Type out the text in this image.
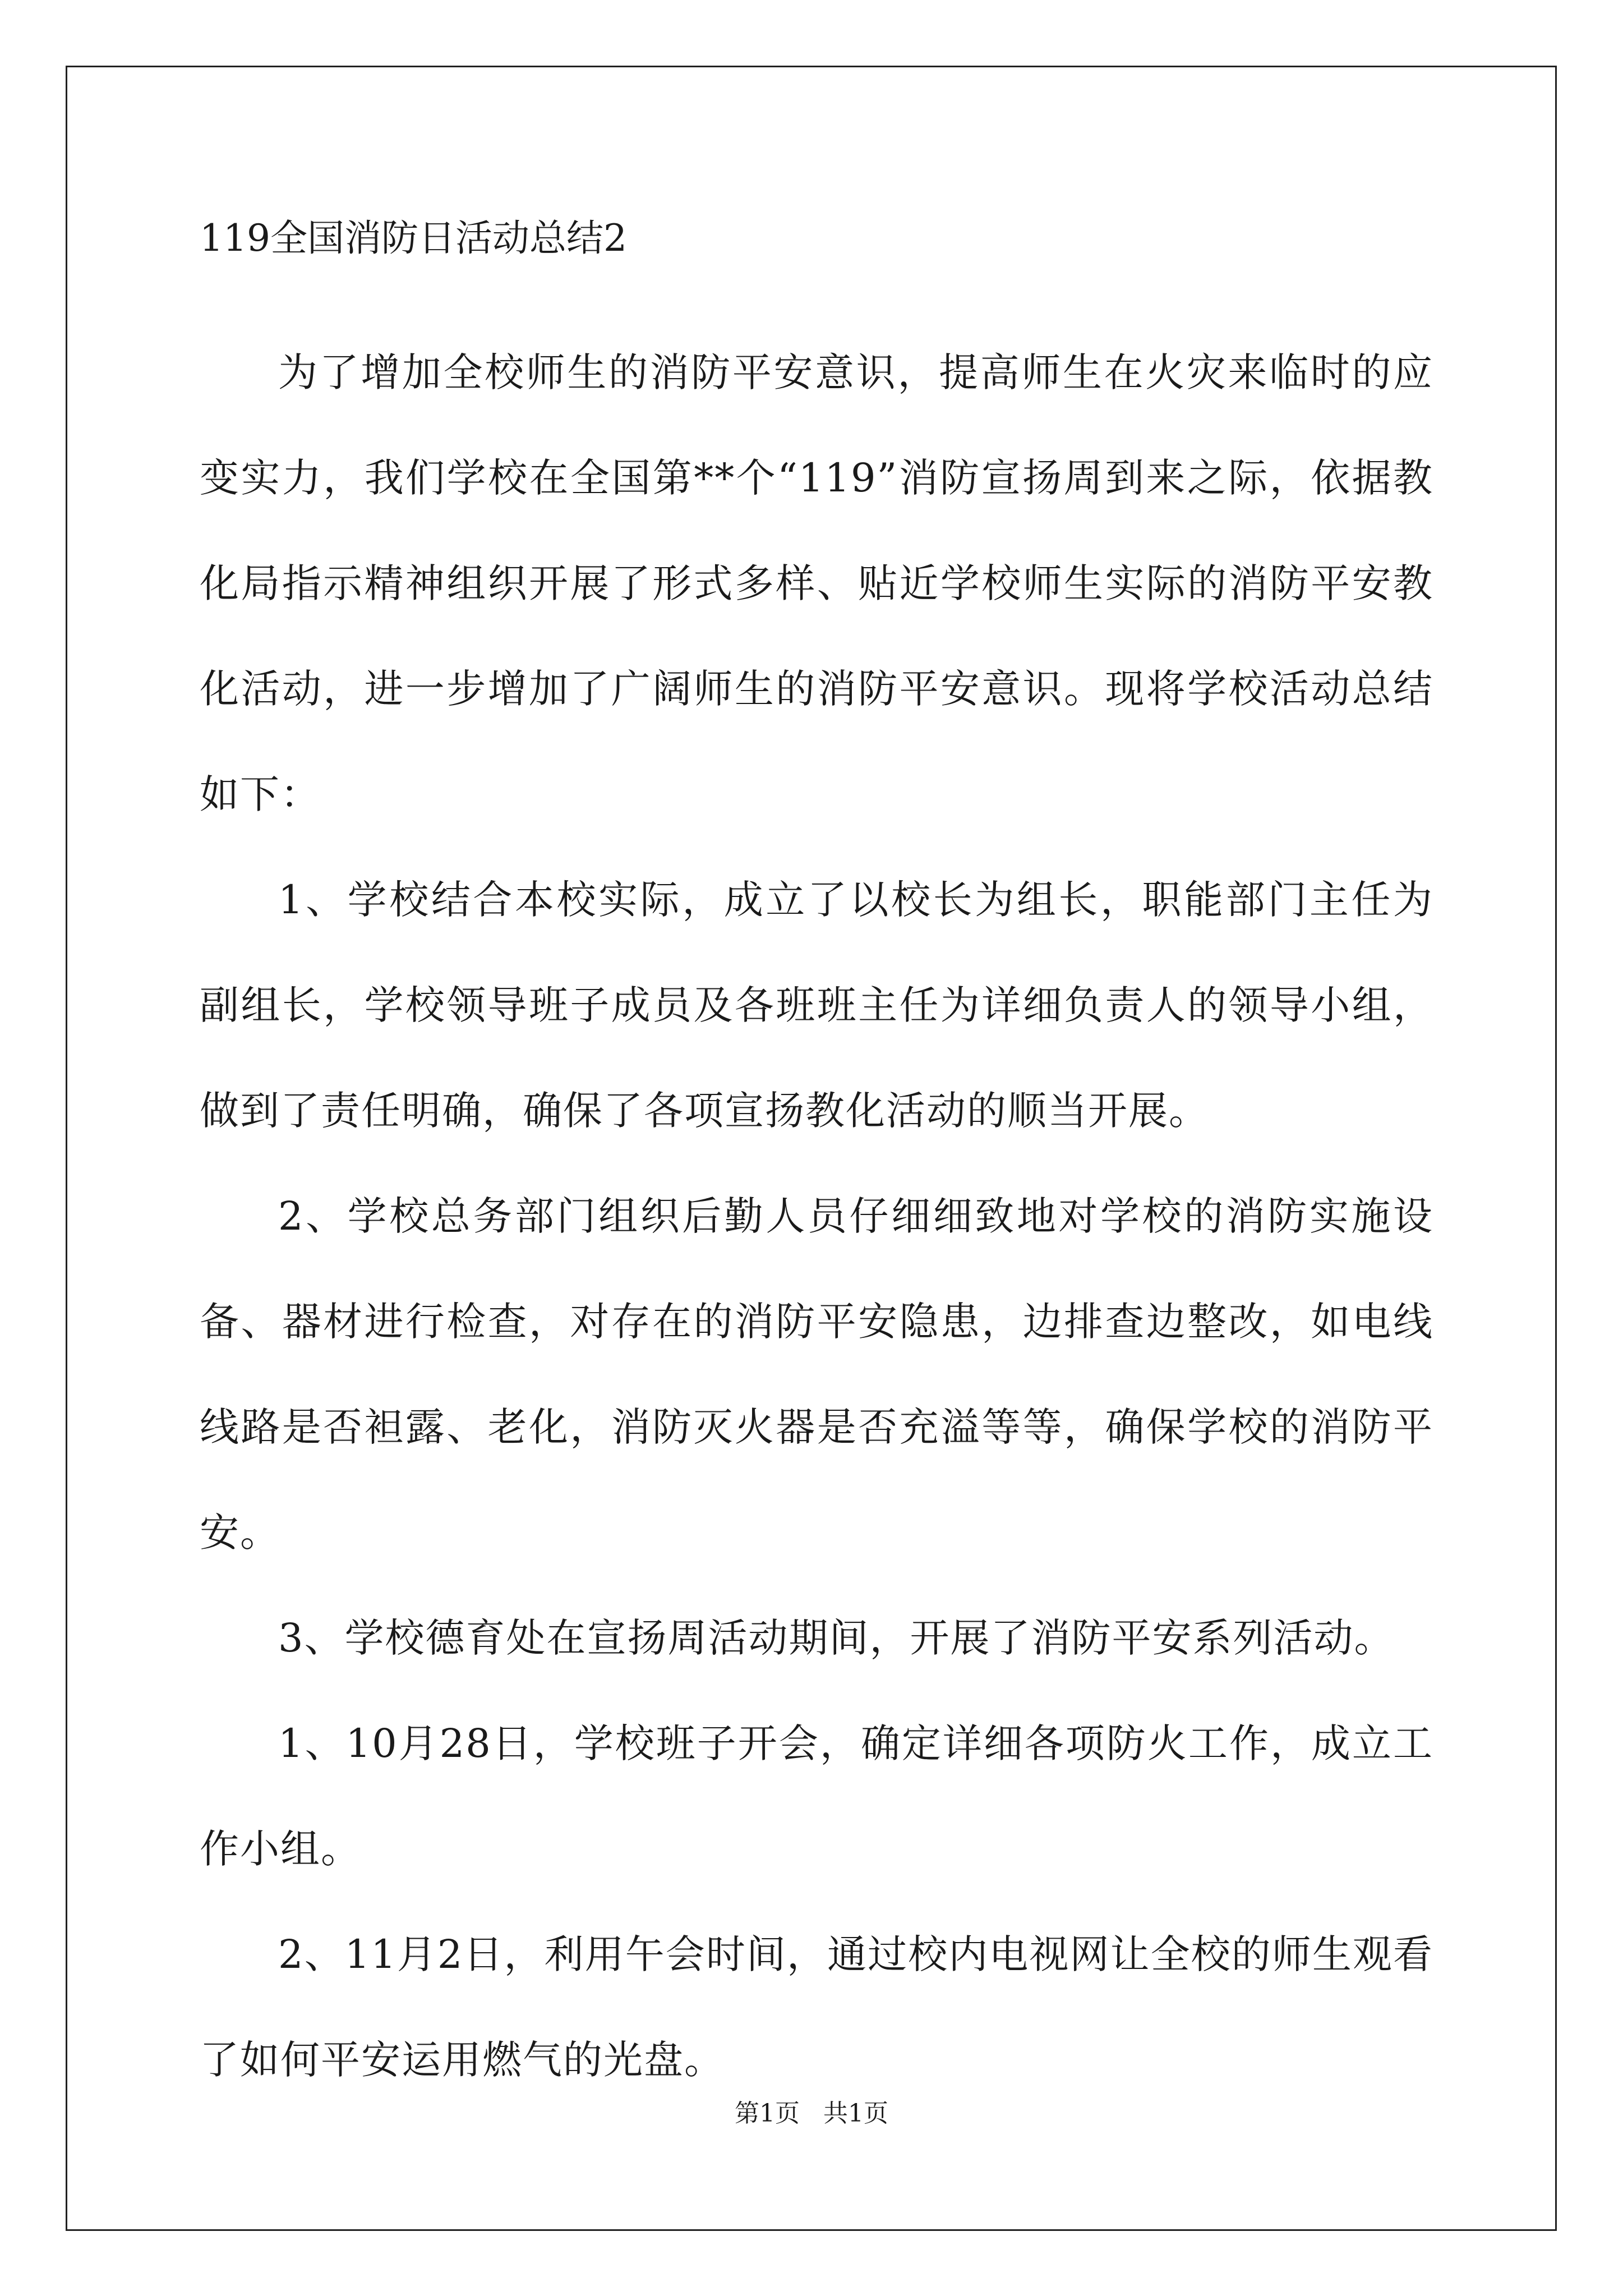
119全国消防日活动总结2

为了增加全校师生的消防平安意识，提高师生在火灾来临时的应变实力，我们学校在全国第**个“119”消防宣扬周到来之际，依据教化局指示精神组织开展了形式多样、贴近学校师生实际的消防平安教化活动，进一步增加了广阔师生的消防平安意识。现将学校活动总结如下：

1、学校结合本校实际，成立了以校长为组长，职能部门主任为副组长，学校领导班子成员及各班班主任为详细负责人的领导小组，做到了责任明确，确保了各项宣扬教化活动的顺当开展。

2、学校总务部门组织后勤人员仔细细致地对学校的消防实施设备、器材进行检查，对存在的消防平安隐患，边排查边整改，如电线线路是否袒露、老化，消防灭火器是否充溢等等，确保学校的消防平安。

3、学校德育处在宣扬周活动期间，开展了消防平安系列活动。

1、10月28日，学校班子开会，确定详细各项防火工作，成立工作小组。

2、11月2日，利用午会时间，通过校内电视网让全校的师生观看了如何平安运用燃气的光盘。

第1页   共1页
